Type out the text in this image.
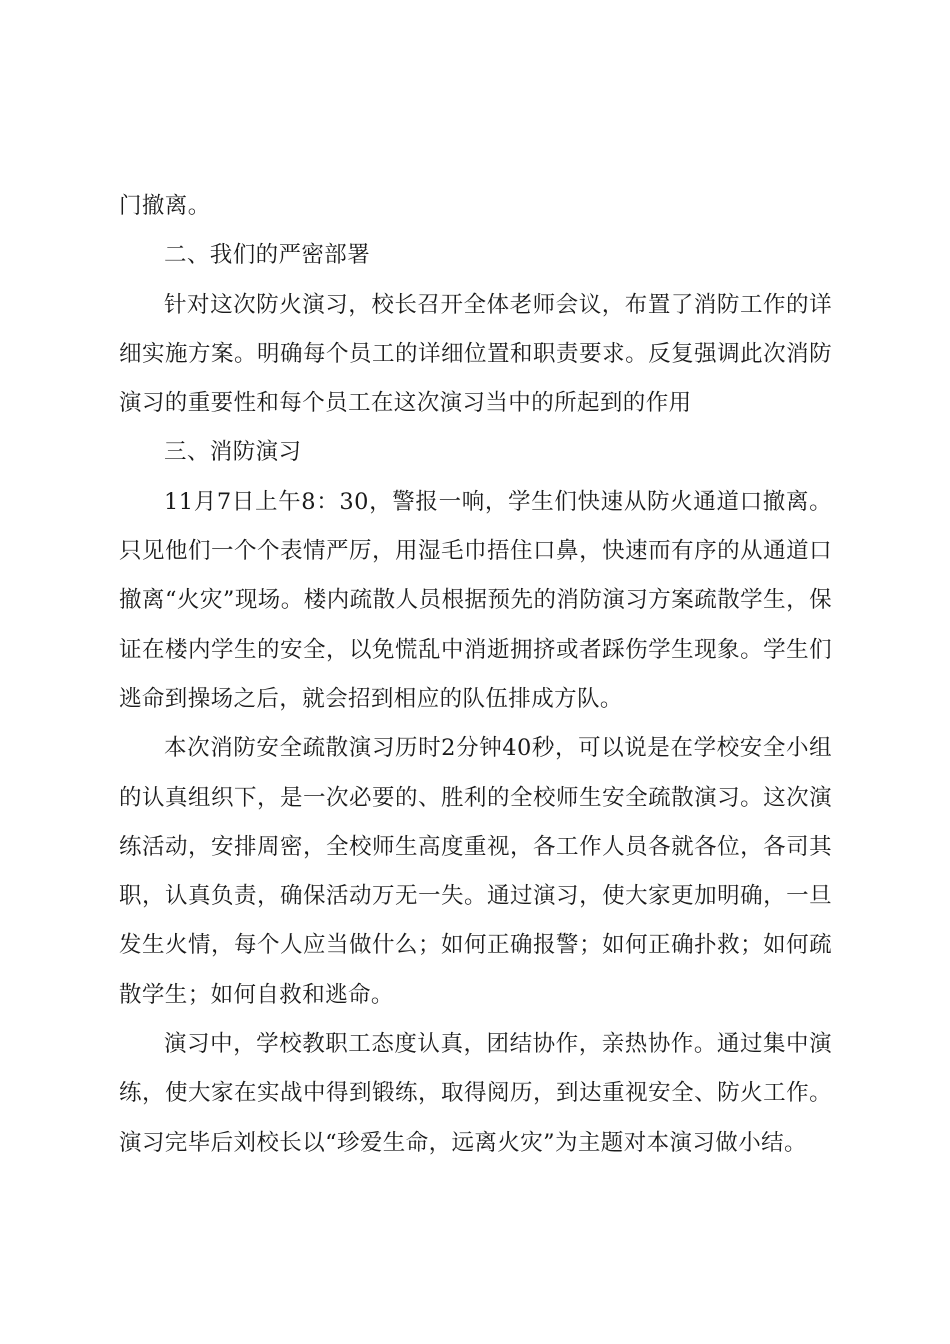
门撤离。

二、我们的严密部署

针对这次防火演习，校长召开全体老师会议，布置了消防工作的详细实施方案。明确每个员工的详细位置和职责要求。反复强调此次消防演习的重要性和每个员工在这次演习当中的所起到的作用

三、消防演习

11月7日上午8：30，警报一响，学生们快速从防火通道口撤离。只见他们一个个表情严厉，用湿毛巾捂住口鼻，快速而有序的从通道口撤离“火灾”现场。楼内疏散人员根据预先的消防演习方案疏散学生，保证在楼内学生的安全，以免慌乱中消逝拥挤或者踩伤学生现象。学生们逃命到操场之后，就会招到相应的队伍排成方队。

本次消防安全疏散演习历时2分钟40秒，可以说是在学校安全小组的认真组织下，是一次必要的、胜利的全校师生安全疏散演习。这次演练活动，安排周密，全校师生高度重视，各工作人员各就各位，各司其职，认真负责，确保活动万无一失。通过演习，使大家更加明确，一旦发生火情，每个人应当做什么；如何正确报警；如何正确扑救；如何疏散学生；如何自救和逃命。

演习中，学校教职工态度认真，团结协作，亲热协作。通过集中演练，使大家在实战中得到锻练，取得阅历，到达重视安全、防火工作。演习完毕后刘校长以“珍爱生命，远离火灾”为主题对本演习做小结。
